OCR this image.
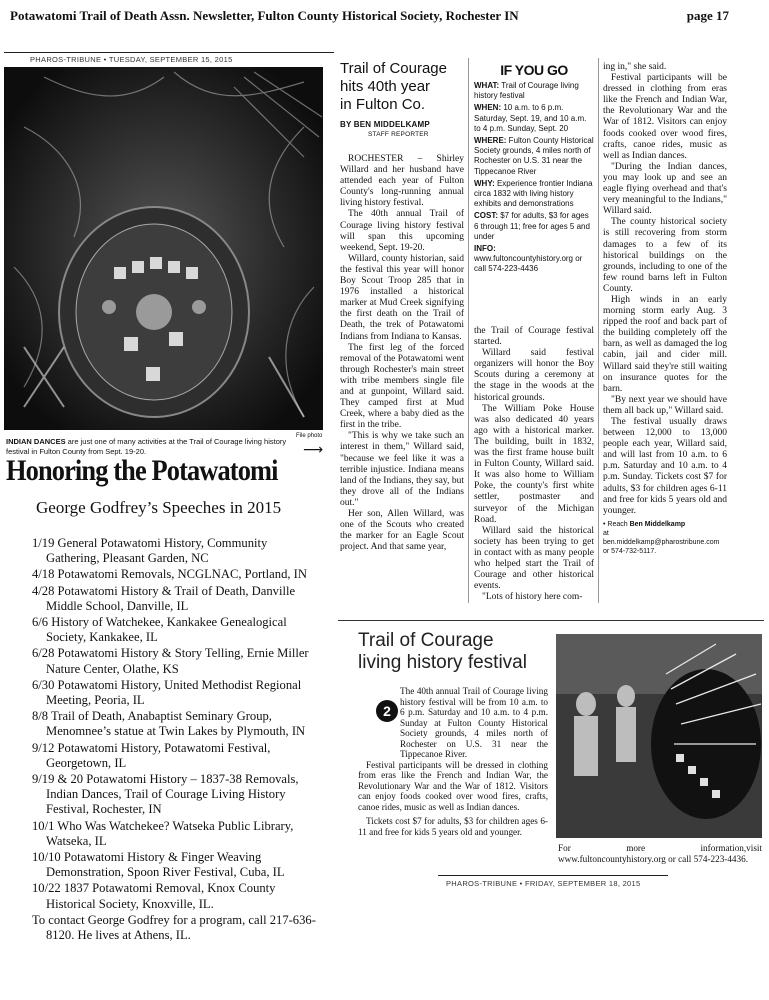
Potawatomi Trail of Death Assn. Newsletter, Fulton County Historical Society, Rochester IN	page 17
PHAROS-TRIBUNE • TUESDAY, SEPTEMBER 15, 2015
File photo
INDIAN DANCES are just one of many activities at the Trail of Courage living history festival in Fulton County from Sept. 19-20.	⟶
Honoring the Potawatomi
George Godfrey’s Speeches in 2015
1/19 General Potawatomi History, Community Gathering, Pleasant Garden, NC
4/18 Potawatomi Removals, NCGLNAC, Portland, IN
4/28 Potawatomi History & Trail of Death, Danville Middle School, Danville, IL
6/6 History of Watchekee, Kankakee Genealogical Society, Kankakee, IL
6/28 Potawatomi History & Story Telling, Ernie Miller Nature Center, Olathe, KS
6/30 Potawatomi History, United Methodist Regional Meeting, Peoria, IL
8/8 Trail of Death, Anabaptist Seminary Group, Menomnee’s statue at Twin Lakes by Plymouth, IN
9/12 Potawatomi History, Potawatomi Festival, Georgetown, IL
9/19 & 20 Potawatomi History – 1837-38 Removals, Indian Dances, Trail of Courage Living History Festival, Rochester, IN
10/1 Who Was Watchekee? Watseka Public Library, Watseka, IL
10/10 Potawatomi History & Finger Weaving Demonstration, Spoon River Festival, Cuba, IL
10/22 1837 Potawatomi Removal, Knox County Historical Society, Knoxville, IL.
To contact George Godfrey for a program, call 217-636-8120. He lives at Athens, IL.
Trail of Courage
hits 40th year
in Fulton Co.
BY BEN MIDDELKAMP
STAFF REPORTER

ROCHESTER – Shirley Willard and her husband have attended each year of Fulton County's long-running annual living history festival.

The 40th annual Trail of Courage living history festival will span this upcoming weekend, Sept. 19-20.

Willard, county historian, said the festival this year will honor Boy Scout Troop 285 that in 1976 installed a historical marker at Mud Creek signifying the first death on the Trail of Death, the trek of Potawatomi Indians from Indiana to Kansas.

The first leg of the forced removal of the Potawatomi went through Rochester's main street with tribe members single file and at gunpoint, Willard said. They camped first at Mud Creek, where a baby died as the first in the tribe.

"This is why we take such an interest in them," Willard said, "because we feel like it was a terrible injustice. Indiana means land of the Indians, they say, but they drove all of the Indians out."

Her son, Allen Willard, was one of the Scouts who created the marker for an Eagle Scout project. And that same year,

IF YOU GO
WHAT: Trail of Courage living history festival
WHEN: 10 a.m. to 6 p.m. Saturday, Sept. 19, and 10 a.m. to 4 p.m. Sunday, Sept. 20
WHERE: Fulton County Historical Society grounds, 4 miles north of Rochester on U.S. 31 near the Tippecanoe River
WHY: Experience frontier Indiana circa 1832 with living history exhibits and demonstrations
COST: $7 for adults, $3 for ages 6 through 11; free for ages 5 and under
INFO: www.fultoncountyhistory.org or call 574-223-4436

the Trail of Courage festival started.

Willard said festival organizers will honor the Boy Scouts during a ceremony at the stage in the woods at the historical grounds.

The William Poke House was also dedicated 40 years ago with a historical marker. The building, built in 1832, was the first frame house built in Fulton County, Willard said. It was also home to William Poke, the county's first white settler, postmaster and surveyor of the Michigan Road.

Willard said the historical society has been trying to get in contact with as many people who helped start the Trail of Courage and other historical events.

"Lots of history here com-

ing in," she said.

Festival participants will be dressed in clothing from eras like the French and Indian War, the Revolutionary War and the War of 1812. Visitors can enjoy foods cooked over wood fires, crafts, canoe rides, music as well as Indian dances.

"During the Indian dances, you may look up and see an eagle flying overhead and that's very meaningful to the Indians," Willard said.

The county historical society is still recovering from storm damages to a few of its historical buildings on the grounds, including to one of the few round barns left in Fulton County.

High winds in an early morning storm early Aug. 3 ripped the roof and back part of the building completely off the barn, as well as damaged the log cabin, jail and cider mill. Willard said they're still waiting on insurance quotes for the barn.

"By next year we should have them all back up," Willard said.

The festival usually draws between 12,000 to 13,000 people each year, Willard said, and will last from 10 a.m. to 6 p.m. Saturday and 10 a.m. to 4 p.m. Sunday. Tickets cost $7 for adults, $3 for children ages 6-11 and free for kids 5 years old and younger.

• Reach Ben Middelkamp
at ben.middelkamp@pharostribune.com or 574-732-5117.
Trail of Courage
living history festival
2

The 40th annual Trail of Courage living history festival will be from 10 a.m. to 6 p.m. Saturday and 10 a.m. to 4 p.m. Sunday at Fulton County Historical Society grounds, 4 miles north of Rochester on U.S. 31 near the Tippecanoe River.

Festival participants will be dressed in clothing from eras like the French and Indian War, the Revolutionary War and the War of 1812. Visitors can enjoy foods cooked over wood fires, crafts, canoe rides, music as well as Indian dances.

Tickets cost $7 for adults, $3 for children ages 6-11 and free for kids 5 years old and younger.

For more information,visit www.fultoncountyhistory.org or call 574-223-4436.
PHAROS-TRIBUNE • FRIDAY, SEPTEMBER 18, 2015
